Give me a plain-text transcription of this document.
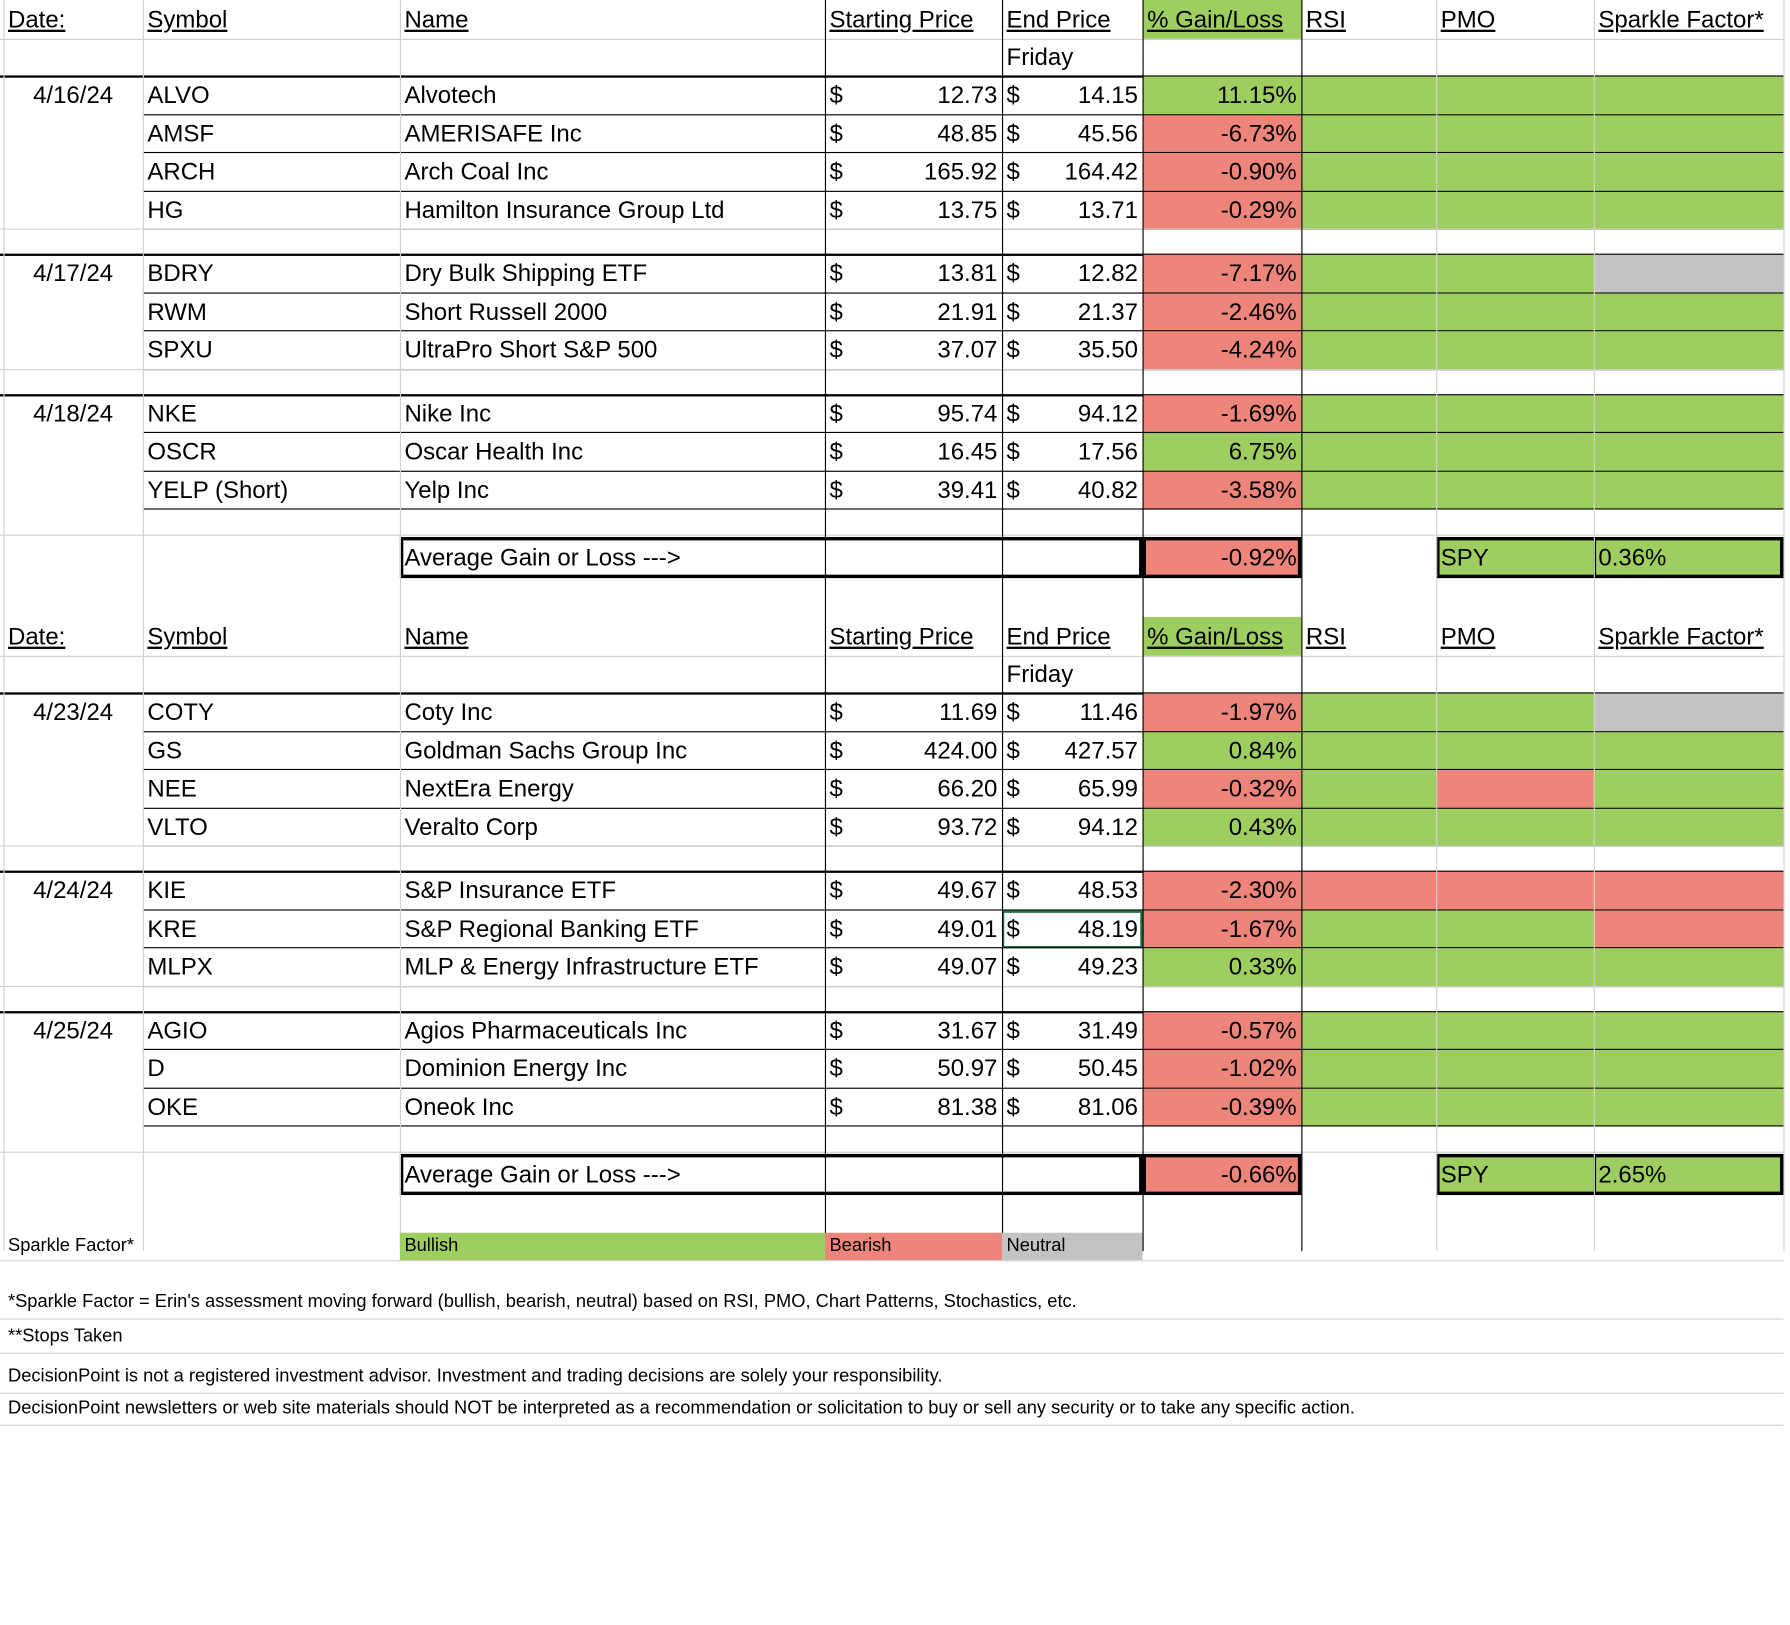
Date:	Symbol	Name	Starting Price	End Price	% Gain/Loss	RSI	PMO	Sparkle Factor*
Friday
4/16/24	ALVO	Alvotech	$	12.73 $	14.15	11.15%
AMSF	AMERISAFE Inc	$	48.85 $	45.56	-6.73%
ARCH	Arch Coal Inc	$	165.92 $ 164.42	-0.90%
HG	Hamilton Insurance Group Ltd	$	13.75 $	13.71	-0.29%
4/17/24	BDRY	Dry Bulk Shipping ETF	$	13.81 $	12.82	-7.17%
RWM	Short Russell 2000	$	21.91 $	21.37	-2.46%
SPXU	UltraPro Short S&P 500	$	37.07 $	35.50	-4.24%
4/18/24	NKE	Nike Inc	$	95.74 $	94.12	-1.69%
OSCR	Oscar Health Inc	$	16.45 $	17.56	6.75%
YELP (Short)	Yelp Inc	$	39.41 $	40.82	-3.58%
Average Gain or Loss --->	-0.92%	SPY	0.36%
Date:	Symbol	Name	Starting Price	End Price	% Gain/Loss	RSI	PMO	Sparkle Factor*
Friday
4/23/24	COTY	Coty Inc	$	11.69 $	11.46	-1.97%
GS	Goldman Sachs Group Inc	$	424.00 $ 427.57	0.84%
NEE	NextEra Energy	$	66.20 $	65.99	-0.32%
VLTO	Veralto Corp	$	93.72 $	94.12	0.43%
4/24/24	KIE	S&P Insurance ETF	$	49.67 $	48.53	-2.30%
KRE	S&P Regional Banking ETF	$	49.01 $	48.19	-1.67%
MLPX	MLP & Energy Infrastructure ETF	$	49.07 $	49.23	0.33%
4/25/24	AGIO	Agios Pharmaceuticals Inc	$	31.67 $	31.49	-0.57%
D	Dominion Energy Inc	$	50.97 $	50.45	-1.02%
OKE	Oneok Inc	$	81.38 $	81.06	-0.39%
Average Gain or Loss --->	-0.66%	SPY	2.65%
Sparkle Factor*	Bullish	Bearish	Neutral
*Sparkle Factor = Erin's assessment moving forward (bullish, bearish, neutral) based on RSI, PMO, Chart Patterns, Stochastics, etc.
**Stops Taken
DecisionPoint is not a registered investment advisor. Investment and trading decisions are solely your responsibility.
DecisionPoint newsletters or web site materials should NOT be interpreted as a recommendation or solicitation to buy or sell any security or to take any specific action.
